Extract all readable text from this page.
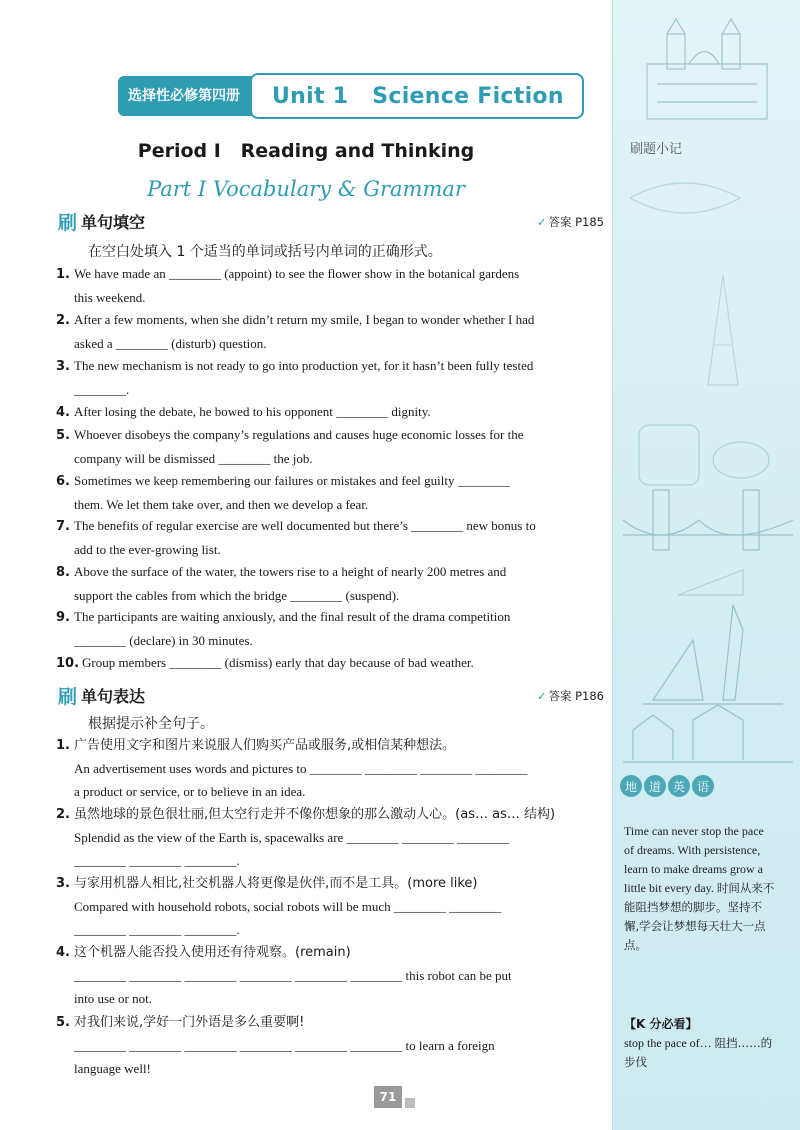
刷题小记
地 道 英 语
Time can never stop the pace of dreams. With persistence, learn to make dreams grow a little bit every day. 时间从来不能阻挡梦想的脚步。坚持不懈,学会让梦想每天壮大一点点。
【K 分必看】
stop the pace of… 阻挡……的步伐
选择性必修第四册	Unit 1   Science Fiction
Period I   Reading and Thinking
Part I Vocabulary & Grammar
刷 单句填空	✓ 答案 P185
在空白处填入 1 个适当的单词或括号内单词的正确形式。
1. We have made an ________ (appoint) to see the flower show in the botanical gardens
this weekend.
2. After a few moments, when she didn’t return my smile, I began to wonder whether I had
asked a ________ (disturb) question.
3. The new mechanism is not ready to go into production yet, for it hasn’t been fully tested
________.
4. After losing the debate, he bowed to his opponent ________ dignity.
5. Whoever disobeys the company’s regulations and causes huge economic losses for the
company will be dismissed ________ the job.
6. Sometimes we keep remembering our failures or mistakes and feel guilty ________
them. We let them take over, and then we develop a fear.
7. The benefits of regular exercise are well documented but there’s ________ new bonus to
add to the ever-growing list.
8. Above the surface of the water, the towers rise to a height of nearly 200 metres and
support the cables from which the bridge ________ (suspend).
9. The participants are waiting anxiously, and the final result of the drama competition
________ (declare) in 30 minutes.
10. Group members ________ (dismiss) early that day because of bad weather.
刷 单句表达	✓ 答案 P186
根据提示补全句子。
1. 广告使用文字和图片来说服人们购买产品或服务,或相信某种想法。
An advertisement uses words and pictures to ________ ________ ________ ________
a product or service, or to believe in an idea.
2. 虽然地球的景色很壮丽,但太空行走并不像你想象的那么激动人心。(as… as… 结构)
Splendid as the view of the Earth is, spacewalks are ________ ________ ________
________ ________ ________.
3. 与家用机器人相比,社交机器人将更像是伙伴,而不是工具。(more like)
Compared with household robots, social robots will be much ________ ________
________ ________ ________.
4. 这个机器人能否投入使用还有待观察。(remain)
________ ________ ________ ________ ________ ________ this robot can be put
into use or not.
5. 对我们来说,学好一门外语是多么重要啊!
________ ________ ________ ________ ________ ________ to learn a foreign
language well!
71
